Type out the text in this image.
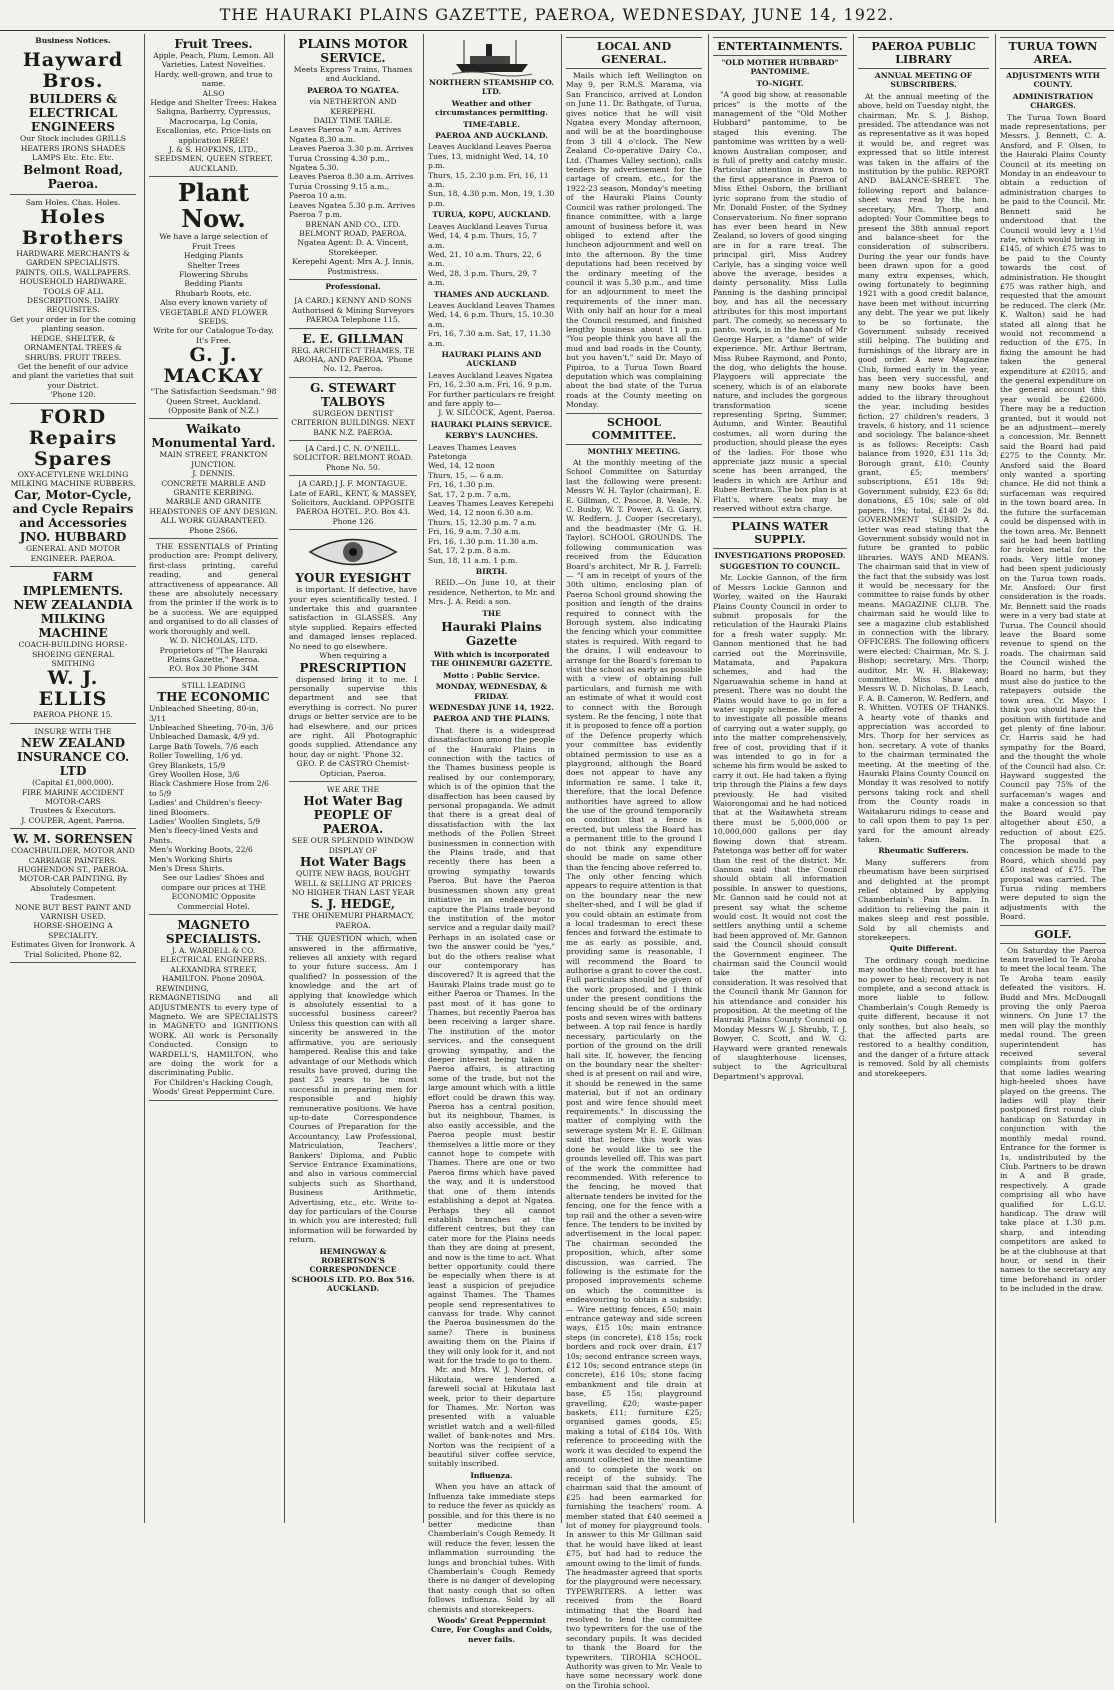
THE HAURAKI PLAINS GAZETTE, PAEROA, WEDNESDAY, JUNE 14, 1922.
Business Notices.
Hayward Bros.
BUILDERS & ELECTRICAL ENGINEERS
Our Stock includes GRILLS HEATERS IRONS SHADES LAMPS Etc. Etc. Etc.
Belmont Road, Paeroa.
Sam Holes. Chas. Holes.
Holes Brothers
HARDWARE MERCHANTS & GARDEN SPECIALISTS.
PAINTS, OILS, WALLPAPERS.
HOUSEHOLD HARDWARE.
TOOLS OF ALL DESCRIPTIONS. DAIRY REQUISITES.
Get your order in for the coming planting season.
HEDGE, SHELTER, & ORNAMENTAL TREES & SHRUBS. FRUIT TREES.
Get the benefit of our advice and plant the varieties that suit your District.
'Phone 120.
FORD Repairs Spares
OXY-ACETYLENE WELDING
MILKING MACHINE RUBBERS.
Car, Motor-Cycle, and Cycle Repairs and Accessories
JNO. HUBBARD
GENERAL AND MOTOR ENGINEER. PAEROA.
FARM IMPLEMENTS.
NEW ZEALANDIA MILKING MACHINE
COACH-BUILDING HORSE-SHOEING GENERAL SMITHING
W. J. ELLIS
PAEROA PHONE 15.
INSURE WITH THE
NEW ZEALAND INSURANCE CO. LTD
(Capital £1,000,000).
FIRE MARINE ACCIDENT MOTOR-CARS
Trustees & Executors.
J. COUPER, Agent, Paeroa.
W. M. SORENSEN
COACHBUILDER, MOTOR AND CARRIAGE PAINTERS. HUGHENDON ST., PAEROA.
MOTOR-CAR PAINTING. By Absolutely Competent Tradesmen.
NONE BUT BEST PAINT AND VARNISH USED.
HORSE-SHOEING A SPECIALITY.
Estimates Given for Ironwork. A Trial Solicited. Phone 82.
Fruit Trees.
Apple, Peach, Plum, Lemon. All Varieties. Latest Novelties. Hardy, well-grown, and true to name.
ALSO
Hedge and Shelter Trees: Hakea Saligna, Barberry, Cypressus, Macrocarpa, Lg Conia, Escallonias, etc. Price-lists on application FREE!
J. & S. HOPKINS, LTD., SEEDSMEN, QUEEN STREET, AUCKLAND.
Plant Now.
We have a large selection of
Fruit Trees
Hedging Plants
Shelter Trees
Flowering Shrubs
Bedding Plants
Rhubarb Roots, etc.
Also every known variety of VEGETABLE AND FLOWER SEEDS.
Write for our Catalogue To-day. It's Free.
G. J. MACKAY
"The Satisfaction Seedsman." 98 Queen Street, Auckland. (Opposite Bank of N.Z.)
Waikato Monumental Yard.
MAIN STREET, FRANKTON JUNCTION.
J. DENNIS.
CONCRETE MARBLE AND GRANITE KERBING.
MARBLE AND GRANITE HEADSTONES OF ANY DESIGN.
ALL WORK GUARANTEED.
Phone 2S66.
THE ESSENTIALS of Printing production are: Prompt delivery, first-class printing, careful reading, and general attractiveness of appearance. All these are absolutely necessary from the printer if the work is to be a success. We are equipped and organised to do all classes of work thoroughly and well.
W. D. NICHOLAS, LTD. Proprietors of "The Hauraki Plains Gazette," Paeroa.
P.O. Box 30 Phone 34M
STILL LEADING
THE ECONOMIC
Unbleached Sheeting, 80-in, 3/11
Unbleached Sheeting, 70-in, 3/6
Unbleached Damask, 4/9 yd.
Large Bath Towels, 7/6 each
Roller Towelling, 1/6 yd.
Grey Blankets, 15/9
Grey Woollen Hose, 3/6
Black Cashmere Hose from 2/6 to 5/9
Ladies' and Children's fleecy-lined Bloomers.
Ladies' Woollen Singlets, 5/9
Men's fleecy-lined Vests and Pants.
Men's Working Boots, 22/6
Men's Working Shirts
Men's Dress Shirts.
See our Ladies' Shoes and compare our prices at THE ECONOMIC Opposite Commercial Hotel.
MAGNETO SPECIALISTS.
J. A. WARDELL & CO. ELECTRICAL ENGINEERS. ALEXANDRA STREET, HAMILTON. Phone 2090A.
REWINDING, REMAGNETISING and all ADJUSTMENTS to every type of Magneto. We are SPECIALISTS in MAGNETO and IGNITIONS WORK. All work is Personally Conducted. Consign to WARDELL'S, HAMILTON, who are doing the work for a discriminating Public.
For Children's Hacking Cough, Woods' Great Peppermint Cure.
PLAINS MOTOR SERVICE.
Meets Express Trains, Thames and Auckland.
PAEROA TO NGATEA.
via NETHERTON AND KEREPEHI.
DAILY TIME TABLE.
Leaves Paeroa 7 a.m. Arrives Ngatea 8.30 a.m.
Leaves Paeroa 3.30 p.m. Arrives Turua Crossing 4.30 p.m., Ngatea 5.30.
Leaves Paeroa 8.30 a.m. Arrives Turua Crossing 9.15 a.m., Paeroa 10 a.m.
Leaves Ngatea 5.30 p.m. Arrives Paeroa 7 p.m.
BRENAN AND CO., LTD. BELMONT ROAD, PAEROA. Ngatea Agent: D. A. Vincent, Storekeeper.
Kerepehi Agent: Mrs A. J. Innis, Postmistress.
Professional.
[A CARD.] KENNY AND SONS Authorised & Mining Surveyors PAEROA Telephone 115.
E. E. GILLMAN
REG. ARCHITECT THAMES, TE AROHA, AND PAEROA. 'Phone No. 12, Paeroa.
G. STEWART TALBOYS
SURGEON DENTIST
CRITERION BUILDINGS. NEXT BANK N.Z. PAEROA.
[A Card.] C. N. O'NEILL. SOLICITOR. BELMONT ROAD. Phone No. 50.
[A CARD.] J. F. MONTAGUE. Late of EARL, KENT, & MASSEY, Solicitors, Auckland. OPPOSITE PAEROA HOTEL. P.O. Box 43. Phone 126
YOUR EYESIGHT
is important. If defective, have your eyes scientifically tested. I undertake this and guarantee satisfaction in GLASSES. Any style supplied. Repairs effected and damaged lenses replaced. No need to go elsewhere.
When requiring a
PRESCRIPTION
dispensed bring it to me. I personally supervise this department and see that everything is correct. No purer drugs or better service are to be had elsewhere, and our prices are right. All Photographic goods supplied. Attendance any hour, day or night. 'Phone 32.
GEO. P. de CASTRO Chemist-Optician, Paeroa.
WE ARE THE
Hot Water Bag PEOPLE OF PAEROA.
SEE OUR SPLENDID WINDOW DISPLAY OF
Hot Water Bags
QUITE NEW BAGS, BOUGHT WELL & SELLING AT PRICES NO HIGHER THAN LAST YEAR
S. J. HEDGE,
THE OHINEMURI PHARMACY, PAEROA.
THE QUESTION which, when answered in the affirmative, relieves all anxiety with regard to your future success. Am I qualified? In possession of the knowledge and the art of applying that knowledge which is absolutely essential to a successful business career? Unless this question can with all sincerity be answered in the affirmative, you are seriously hampered. Realise this and take advantage of our Methods which results have proved, during the past 25 years to be most successful in preparing men for responsible and highly remunerative positions. We have up-to-date Correspondence Courses of Preparation for the Accountancy, Law Professional, Matriculation, Teachers', Bankers' Diploma, and Public Service Entrance Examinations, and also in various commercial subjects such as Shorthand, Business Arithmetic, Advertising, etc., etc. Write to-day for particulars of the Course in which you are interested; full information will be forwarded by return.
HEMINGWAY & ROBERTSON'S CORRESPONDENCE SCHOOLS LTD. P.O. Box 516. AUCKLAND.
NORTHERN STEAMSHIP CO. LTD.
Weather and other circumstances permitting.
TIME-TABLE.
PAEROA AND AUCKLAND.
Leaves Auckland Leaves Paeroa
Tues, 13, midnight Wed, 14, 10 p.m.
Thurs, 15, 2.30 p.m. Fri, 16, 11 a.m.
Sun, 18, 4.30 p.m. Mon, 19, 1.30 p.m.
TURUA, KOPU, AUCKLAND.
Leaves Auckland Leaves Turua
Wed, 14, 4 p.m. Thurs, 15, 7 a.m.
Wed, 21, 10 a.m. Thurs, 22, 6 a.m.
Wed, 28, 3 p.m. Thurs, 29, 7 a.m.
THAMES AND AUCKLAND.
Leaves Auckland Leaves Thames
Wed, 14, 6 p.m. Thurs, 15, 10.30 a.m.
Fri, 16, 7.30 a.m. Sat, 17, 11.30 a.m.
HAURAKI PLAINS AND AUCKLAND
Leaves Auckland Leaves Ngatea
Fri, 16, 2.30 a.m. Fri, 16, 9 p.m.
For further particulars re freight and fare apply to—
J. W. SILCOCK, Agent, Paeroa.
HAURAKI PLAINS SERVICE.
KERBY'S LAUNCHES.
Leaves Thames Leaves Patetonga
Wed, 14, 12 noon
Thurs, 15, — 6 a.m.
Fri, 16, 1.30 p.m.
Sat, 17, 2 p.m. 7 a.m.
Leaves Thames Leaves Kerepehi
Wed, 14, 12 noon 6.30 a.m.
Thurs, 15, 12.30 p.m. 7 a.m.
Fri, 16, 9 a.m. 7.30 a.m.
Fri, 16, 1.30 p.m. 11.30 a.m.
Sat, 17, 2 p.m. 8 a.m.
Sun, 18, 11 a.m. 1 p.m.
BIRTH.
REID.—On June 10, at their residence, Netherton, to Mr. and Mrs. J. A. Reid: a son.
THE
Hauraki Plains Gazette
With which is incorporated THE OHINEMURI GAZETTE.
Motto : Public Service.
MONDAY, WEDNESDAY, & FRIDAY.
WEDNESDAY JUNE 14, 1922.
PAEROA AND THE PLAINS.
That there is a widespread dissatisfaction among the people of the Hauraki Plains in connection with the tactics of the Thames business people is realised by our contemporary, which is of the opinion that the disaffection has been caused by personal propaganda. We admit that there is a great deal of dissatisfaction with the lax methods of the Pollen Street businessmen in connection with the Plains trade, and that recently there has been a growing sympathy towards Paeroa. But have the Paeroa businessmen shown any great initiative in an endeavour to capture the Plains trade beyond the institution of the motor service and a regular daily mail? Perhaps in an isolated case or two the answer could be "yes," but do the others realise what our contemporary has discovered? It is agreed that the Hauraki Plains trade must go to either Paeroa or Thames. In the past most of it has gone to Thames, but recently Paeroa has been receiving a larger share. The institution of the motor services, and the consequent growing sympathy, and the deeper interest being taken in Paeroa affairs, is attracting some of the trade, but not the large amount which with a little effort could be drawn this way. Paeroa has a central position, but its neighbour, Thames, is also easily accessible, and the Paeroa people must bestir themselves a little more or they cannot hope to compete with Thames. There are one or two Paeroa firms which have paved the way, and it is understood that one of them intends establishing a depot at Ngatea. Perhaps they all cannot establish branches at the different centres, but they can cater more for the Plains needs than they are doing at present, and now is the time to act. What better opportunity could there be especially when there is at least a suspicion of prejudice against Thames. The Thames people send representatives to canvass for trade. Why cannot the Paeroa businessmen do the same? There is business awaiting them on the Plains if they will only look for it, and not wait for the trade to go to them.
Mr. and Mrs. W. J. Norton, of Hikutaia, were tendered a farewell social at Hikutaia last week, prior to their departure for Thames. Mr. Norton was presented with a valuable wristlet watch and a well-filled wallet of bank-notes and Mrs. Norton was the recipient of a beautiful silver coffee service, suitably inscribed.
Influenza.
When you have an attack of Influenza take immediate steps to reduce the fever as quickly as possible, and for this there is no better medicine than Chamberlain's Cough Remedy. It will reduce the fever, lessen the inflammation surrounding the lungs and bronchial tubes. With Chamberlain's Cough Remedy there is no danger of developing that nasty cough that so often follows influenza. Sold by all chemists and storekeepers.
Woods' Great Peppermint Cure, For Coughs and Colds, never fails.
LOCAL AND GENERAL.
Mails which left Wellington on May 9, per R.M.S. Marama, via San Francisco, arrived at London on June 11. Dr. Bathgate, of Turua, gives notice that he will visit Ngatea every Monday afternoon, and will be at the boardinghouse from 3 till 4 o'clock. The New Zealand Co-operative Dairy Co., Ltd. (Thames Valley section), calls tenders by advertisement for the cartage of cream, etc., for the 1922-23 season. Monday's meeting of the Hauraki Plains County Council was rather prolonged. The finance committee, with a large amount of business before it, was obliged to extend after the luncheon adjournment and well on into the afternoon. By the time deputations had been received by the ordinary meeting of the council it was 5.30 p.m., and time for an adjournment to meet the requirements of the inner man. With only half an hour for a meal the Council resumed, and finished lengthy business about 11 p.m. "You people think you have all the mud and bad roads in the County, but you haven't," said Dr. Mayo of Pipiroa, to a Turua Town Board deputation which was complaining about the bad state of the Turua roads at the County meeting on Monday.
SCHOOL COMMITTEE.
MONTHLY MEETING.
At the monthly meeting of the School Committee on Saturday last the following were present: Messrs W. H. Taylor (chairman), E. E. Gillman, C. Pascoe, B. Veale, N. C. Busby, W. T. Power, A. G. Garry, W. Redfern, J. Cooper (secretary), and the headmaster (Mr G. H. Taylor). SCHOOL GROUNDS. The following communication was received from the Education Board's architect, Mr R. J. Farrell:— "I am in receipt of yours of the 30th ultimo, enclosing plan of Paeroa School ground showing the position and length of the drains required to connect with the Borough system, also indicating the fencing which your committee states is required. With regard to the drains, I will endeavour to arrange for the Board's foreman to visit the school as early as possible with a view of obtaining full particulars, and furnish me with an estimate of what it would cost to connect with the Borough system. Re the fencing, I note that it is proposed to fence off a portion of the Defence property which your committee has evidently obtained permission to use as a playground, although the Board does not appear to have any information re same. I take it, therefore, that the local Defence authorities have agreed to allow the use of the ground temporarily on condition that a fence is erected, but unless the Board has a permanent title to the ground I do not think any expenditure should be made on same other than the fencing above referred to. The only other fencing which appears to require attention is that on the boundary near the new shelter-shed, and I will be glad if you could obtain an estimate from a local tradesman to erect these fences and forward the estimate to me as early as possible, and, providing same is reasonable, I will recommend the Board to authorise a grant to cover the cost. Full particulars should be given of the work proposed, and I think under the present conditions the fencing should be of the ordinary posts and seven wires with battens between. A top rail fence is hardly necessary, particularly on the portion of the ground on the drill hall site. If, however, the fencing on the boundary near the shelter-shed is at present on rail and wire, it should be renewed in the same material, but if not an ordinary post and wire fence should meet requirements." In discussing the matter of complying with the sewerage system Mr E. E. Gillman said that before this work was done he would like to see the grounds levelled off. This was part of the work the committee had recommended. With reference to the fencing, he moved that alternate tenders be invited for the fencing, one for the fence with a top rail and the other a seven-wire fence. The tenders to be invited by advertisement in the local paper. The chairman seconded the proposition, which, after some discussion, was carried. The following is the estimate for the proposed improvements scheme on which the committee is endeavouring to obtain a subsidy:— Wire netting fences, £50; main entrance gateway and side screen ways, £15 10s; main entrance steps (in concrete), £18 15s; rock borders and rock over drain, £17 10s; second entrance screen ways, £12 10s; second entrance steps (in concrete), £16 10s; stone facing embankment and tile drain at base, £5 15s; playground gravelling, £20; waste-paper baskets, £11; furniture £25; organised games goods, £5; making a total of £184 10s. With reference to proceeding with the work it was decided to expend the amount collected in the meantime and to complete the work on receipt of the subsidy. The chairman said that the amount of £25 had been earmarked for furnishing the teachers' room. A member stated that £40 seemed a lot of money for playground tools. In answer to this Mr Gillman said that he would have liked at least £75, but had had to reduce the amount owing to the limit of funds. The headmaster agreed that sports for the playground were necessary. TYPEWRITERS. A letter was received from the Board intimating that the Board had resolved to lend the committee two typewriters for the use of the secondary pupils. It was decided to thank the Board for the typewriters. TIROHIA SCHOOL. Authority was given to Mr. Veale to have some necessary work done on the Tirohia school.
ENTERTAINMENTS.
"OLD MOTHER HUBBARD" PANTOMIME.
TO-NIGHT.
"A good big show, at reasonable prices" is the motto of the management of the "Old Mother Hubbard" pantomime, to be staged this evening. The pantomime was written by a well-known Australian composer, and is full of pretty and catchy music. Particular attention is drawn to the first appearance in Paeroa of Miss Ethel Osborn, the brilliant lyric soprano from the studio of Mr. Donald Foster, of the Sydney Conservatorium. No finer soprano has ever been heard in New Zealand, so lovers of good singing are in for a rare treat. The principal girl, Miss Audrey Carlyle, has a singing voice well above the average, besides a dainty personality. Miss Lulla Panning is the dashing principal boy, and has all the necessary attributes for this most important part. The comedy, so necessary to panto. work, is in the hands of Mr George Harper, a "dame" of wide experience. Mr. Arthur Bertram, Miss Rubee Raymond, and Ponto, the dog, who delights the house. Playgoers will appreciate the scenery, which is of an elaborate nature, and includes the gorgeous transformation scene representing Spring, Summer, Autumn, and Winter. Beautiful costumes, all worn during the production, should please the eyes of the ladies. For those who appreciate jazz music a special scene has been arranged, the leaders in which are Arthur and Rubee Bertram. The box plan is at Flatt's, where seats may be reserved without extra charge.
PLAINS WATER SUPPLY.
INVESTIGATIONS PROPOSED.
SUGGESTION TO COUNCIL.
Mr. Lockie Gannon, of the firm of Messrs Lockie Gannon and Worley, waited on the Hauraki Plains County Council in order to submit proposals for the reticulation of the Hauraki Plains for a fresh water supply. Mr. Gannon mentioned that he had carried out the Morrinsville, Matamata, and Papakura schemes, and had the Ngaruawahia scheme in hand at present. There was no doubt the Plains would have to go in for a water supply scheme. He offered to investigate all possible means of carrying out a water supply, go into the matter comprehensively, free of cost, providing that if it was intended to go in for a scheme his firm would be asked to carry it out. He had taken a flying trip through the Plains a few days previously. He had visited Waiorongomai and he had noticed that at the Waitawheta stream there must be 5,000,000 or 10,000,000 gallons per day flowing down that stream. Patetonga was better off for water than the rest of the district. Mr. Gannon said that the Council should obtain all information possible. In answer to questions, Mr. Gannon said he could not at present say what the scheme would cost. It would not cost the settlers anything until a scheme had been approved of. Mr. Gannon said the Council should consult the Government engineer. The chairman said the Council would take the matter into consideration. It was resolved that the Council thank Mr Gannon for his attendance and consider his proposition. At the meeting of the Hauraki Plains County Council on Monday Messrs W. J. Shrubb, T. J. Bowyer, C. Scott, and W. G. Hayward were granted renewals of slaughterhouse licenses, subject to the Agricultural Department's approval.
PAEROA PUBLIC LIBRARY
ANNUAL MEETING OF SUBSCRIBERS.
At the annual meeting of the above, held on Tuesday night, the chairman, Mr. S. J. Bishop, presided. The attendance was not as representative as it was hoped it would be, and regret was expressed that so little interest was taken in the affairs of the institution by the public. REPORT AND BALANCE-SHEET. The following report and balance-sheet was read by the hon. secretary, Mrs. Thorp, and adopted: Your Committee begs to present the 38th annual report and balance-sheet for the consideration of subscribers. During the year our funds have been drawn upon for a good many extra expenses, which, owing fortunately to beginning 1921 with a good credit balance, have been met without incurring any debt. The year we put likely to be so fortunate, the Government subsidy received still helping. The building and furnishings of the library are in good order. A new Magazine Club, formed early in the year, has been very successful, and many new books have been added to the library throughout the year, including besides fiction, 27 children's readers, 3 travels, 6 history, and 11 science and sociology. The balance-sheet is as follows: Receipts: Cash balance from 1920, £31 11s 3d; Borough grant, £10; County grant, £5; members' subscriptions, £51 18s 9d; Government subsidy, £23 6s 8d; donations, £5 10s; sale of old papers, 19s; total, £140 2s 8d. GOVERNMENT SUBSIDY. A letter was read stating that the Government subsidy would not in future be granted to public libraries. WAYS AND MEANS. The chairman said that in view of the fact that the subsidy was lost it would be necessary for the committee to raise funds by other means. MAGAZINE CLUB. The chairman said he would like to see a magazine club established in connection with the library. OFFICERS. The following officers were elected: Chairman, Mr. S. J. Bishop; secretary, Mrs. Thorp; auditor, Mr. W. H. Blakeway; committee, Miss Shaw and Messrs W. D. Nicholas, D. Leach, F. A. B. Cameron, W. Redfern, and R. Whitten. VOTES OF THANKS. A hearty vote of thanks and appreciation was accorded to Mrs. Thorp for her services as hon. secretary. A vote of thanks to the chairman terminated the meeting. At the meeting of the Hauraki Plains County Council on Monday it was resolved to notify persons taking rock and shell from the County roads in Waitakaruru ridings to cease and to call upon them to pay 1s per yard for the amount already taken.
Rheumatic Sufferers.
Many sufferers from rheumatism have been surprised and delighted at the prompt relief obtained by applying Chamberlain's Pain Balm. In addition to relieving the pain it makes sleep and rest possible. Sold by all chemists and storekeepers.
Quite Different.
The ordinary cough medicine may soothe the throat, but it has no power to heal; recovery is not complete, and a second attack is more liable to follow. Chamberlain's Cough Remedy is quite different, because it not only soothes, but also heals, so that the affected parts are restored to a healthy condition, and the danger of a future attack is removed. Sold by all chemists and storekeepers.
TURUA TOWN AREA.
ADJUSTMENTS WITH COUNTY.
ADMINISTRATION CHARGES.
The Turua Town Board made representations, per Messrs. J. Bennett, C. A. Ansford, and F. Olsen, to the Hauraki Plains County Council at its meeting on Monday in an endeavour to obtain a reduction of administration charges to be paid to the Council. Mr. Bennett said he understood that the Council would levy a 1½d rate, which would bring in £145, of which £75 was to be paid to the County towards the cost of administration. He thought £75 was rather high, and requested that the amount be reduced. The clerk (Mr. K. Walton) said he had stated all along that he would not recommend a reduction of the £75. In fixing the amount he had taken the general expenditure at £2015, and the general expenditure on the general account this year would be £2600. There may be a reduction granted, but it would not be an adjustment—merely a concession. Mr. Bennett said the Board had paid £275 to the County. Mr. Ansford said the Board only wanted a sporting chance. He did not think a surfaceman was required in the town board area. In the future the surfaceman could be dispensed with in the town area. Mr. Bennett said he had been battling for broken metal for the roads. Very little money had been spent judiciously on the Turua town roads. Mr. Ansford: Our first consideration is the roads. Mr. Bennett said the roads were in a very bad state at Turua. The Council should leave the Board some revenue to spend on the roads. The chairman said the Council wished the Board no harm, but they must also do justice to the ratepayers outside the town area. Cr. Mayo: I think you should have the position with fortitude and get plenty of fine labour. Cr. Harris said he had sympathy for the Board, and the thought the whole of the Council had also. Cr. Hayward suggested the Council pay 75% of the surfaceman's wages and make a concession so that the Board would pay altogether about £50, a reduction of about £25. The proposal that a concession be made to the Board, which should pay £50 instead of £75. The proposal was carried. The Turua riding members were deputed to sign the adjustments with the Board.
GOLF.
On Saturday the Paeroa team travelled to Te Aroha to meet the local team. The Te Aroha team easily defeated the visitors. H. Budd and Mrs. McDougall proving the only Paeroa winners. On June 17 the men will play the monthly medal round. The green superintendent has received several complaints from golfers that some ladies wearing high-heeled shoes have played on the greens. The ladies will play their postponed first round club handicap on Saturday in conjunction with the monthly medal round. Entrance for the former is 1s, undistributed by the Club. Partners to be drawn in A and B grade, respectively. A grade comprising all who have qualified for L.G.U. handicap. The draw will take place at 1.30 p.m. sharp, and intending competitors are asked to be at the clubhouse at that hour, or send in their names to the secretary any time beforehand in order to be included in the draw.
